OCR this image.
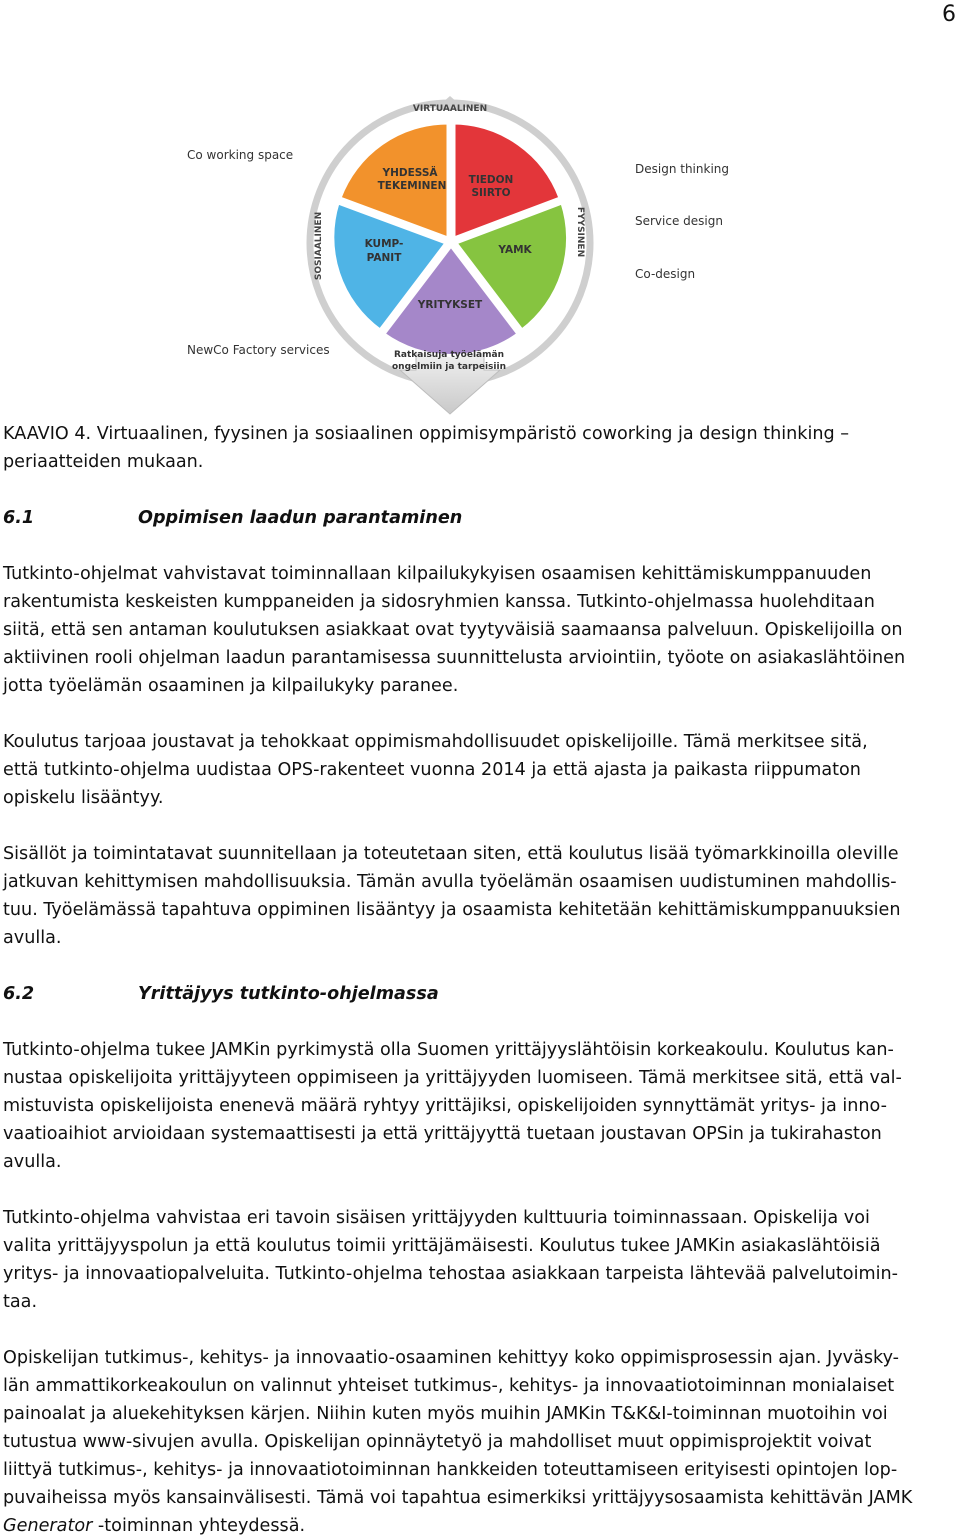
6
YHDESSÄ
TEKEMINEN TIEDON
SIIRTO
KUMP-
PANIT
YAMK
YRITYKSET
VIRTUAALINEN
SOSIAALINEN	FYYSINEN
Ratkaisuja työelämän
ongelmiin ja tarpeisiin
Co working space
NewCo Factory services
Design thinking
Service design
Co-design
KAAVIO 4. Virtuaalinen, fyysinen ja sosiaalinen oppimisympäristö coworking ja design thinking –
periaatteiden mukaan.
6.1	Oppimisen laadun parantaminen
Tutkinto-ohjelmat vahvistavat toiminnallaan kilpailukykyisen osaamisen kehittämiskumppanuuden
rakentumista keskeisten kumppaneiden ja sidosryhmien kanssa. Tutkinto-ohjelmassa huolehditaan
siitä, että sen antaman koulutuksen asiakkaat ovat tyytyväisiä saamaansa palveluun. Opiskelijoilla on
aktiivinen rooli ohjelman laadun parantamisessa suunnittelusta arviointiin, työote on asiakaslähtöinen
jotta työelämän osaaminen ja kilpailukyky paranee.
Koulutus tarjoaa joustavat ja tehokkaat oppimismahdollisuudet opiskelijoille. Tämä merkitsee sitä,
että tutkinto-ohjelma uudistaa OPS-rakenteet vuonna 2014 ja että ajasta ja paikasta riippumaton
opiskelu lisääntyy.
Sisällöt ja toimintatavat suunnitellaan ja toteutetaan siten, että koulutus lisää työmarkkinoilla oleville
jatkuvan kehittymisen mahdollisuuksia. Tämän avulla työelämän osaamisen uudistuminen mahdollis-
tuu. Työelämässä tapahtuva oppiminen lisääntyy ja osaamista kehitetään kehittämiskumppanuuksien
avulla.
6.2	Yrittäjyys tutkinto-ohjelmassa
Tutkinto-ohjelma tukee JAMKin pyrkimystä olla Suomen yrittäjyyslähtöisin korkeakoulu. Koulutus kan-
nustaa opiskelijoita yrittäjyyteen oppimiseen ja yrittäjyyden luomiseen. Tämä merkitsee sitä, että val-
mistuvista opiskelijoista enenevä määrä ryhtyy yrittäjiksi, opiskelijoiden synnyttämät yritys- ja inno-
vaatioaihiot arvioidaan systemaattisesti ja että yrittäjyyttä tuetaan joustavan OPSin ja tukirahaston
avulla.
Tutkinto-ohjelma vahvistaa eri tavoin sisäisen yrittäjyyden kulttuuria toiminnassaan. Opiskelija voi
valita yrittäjyyspolun ja että koulutus toimii yrittäjämäisesti. Koulutus tukee JAMKin asiakaslähtöisiä
yritys- ja innovaatiopalveluita. Tutkinto-ohjelma tehostaa asiakkaan tarpeista lähtevää palvelutoimin-
taa.
Opiskelijan tutkimus-, kehitys- ja innovaatio-osaaminen kehittyy koko oppimisprosessin ajan. Jyväsky-
län ammattikorkeakoulun on valinnut yhteiset tutkimus-, kehitys- ja innovaatiotoiminnan monialaiset
painoalat ja aluekehityksen kärjen. Niihin kuten myös muihin JAMKin T&K&I-toiminnan muotoihin voi
tutustua www-sivujen avulla. Opiskelijan opinnäytetyö ja mahdolliset muut oppimisprojektit voivat
liittyä tutkimus-, kehitys- ja innovaatiotoiminnan hankkeiden toteuttamiseen erityisesti opintojen lop-
puvaiheissa myös kansainvälisesti. Tämä voi tapahtua esimerkiksi yrittäjyysosaamista kehittävän JAMK
Generator -toiminnan yhteydessä.
